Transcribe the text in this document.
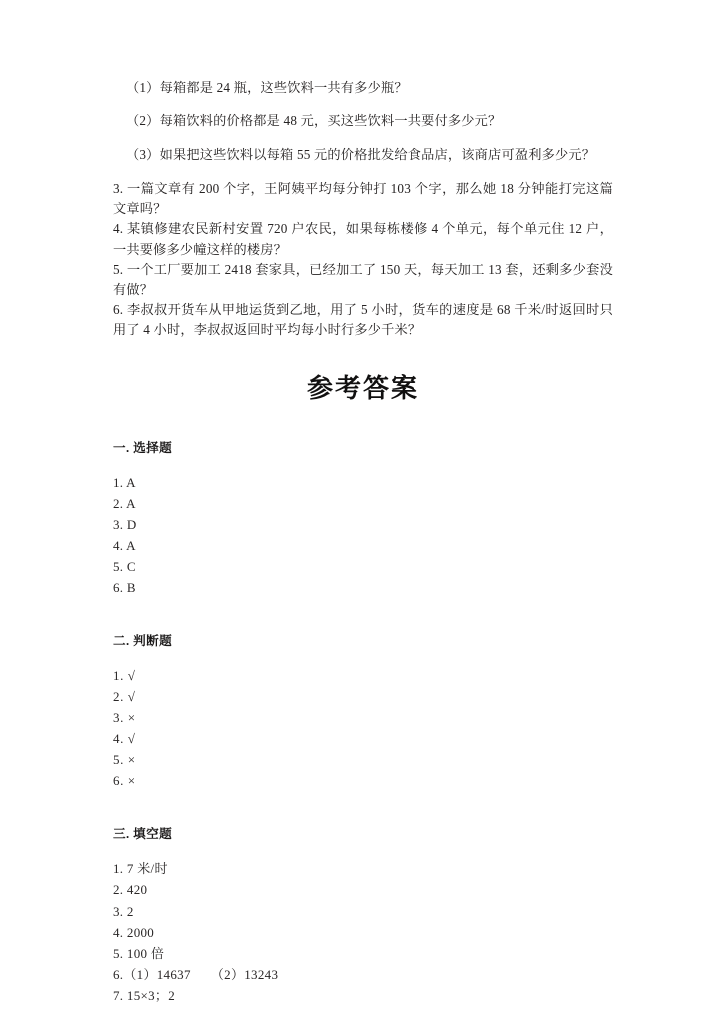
（1）每箱都是 24 瓶，这些饮料一共有多少瓶？

（2）每箱饮料的价格都是 48 元，买这些饮料一共要付多少元？

（3）如果把这些饮料以每箱 55 元的价格批发给食品店，该商店可盈利多少元？

3. 一篇文章有 200 个字，王阿姨平均每分钟打 103 个字，那么她 18 分钟能打完这篇文章吗？

4. 某镇修建农民新村安置 720 户农民，如果每栋楼修 4 个单元，每个单元住 12 户，一共要修多少幢这样的楼房？

5. 一个工厂要加工 2418 套家具，已经加工了 150 天，每天加工 13 套，还剩多少套没有做？

6. 李叔叔开货车从甲地运货到乙地，用了 5 小时，货车的速度是 68 千米/时返回时只用了 4 小时，李叔叔返回时平均每小时行多少千米？

参考答案

一. 选择题

1. A
2. A
3. D
4. A
5. C
6. B

二. 判断题

1. √
2. √
3. ×
4. √
5. ×
6. ×

三. 填空题

1. 7 米/时
2. 420
3. 2
4. 2000
5. 100 倍
6.（1）14637　　（2）13243
7. 15×3；2
